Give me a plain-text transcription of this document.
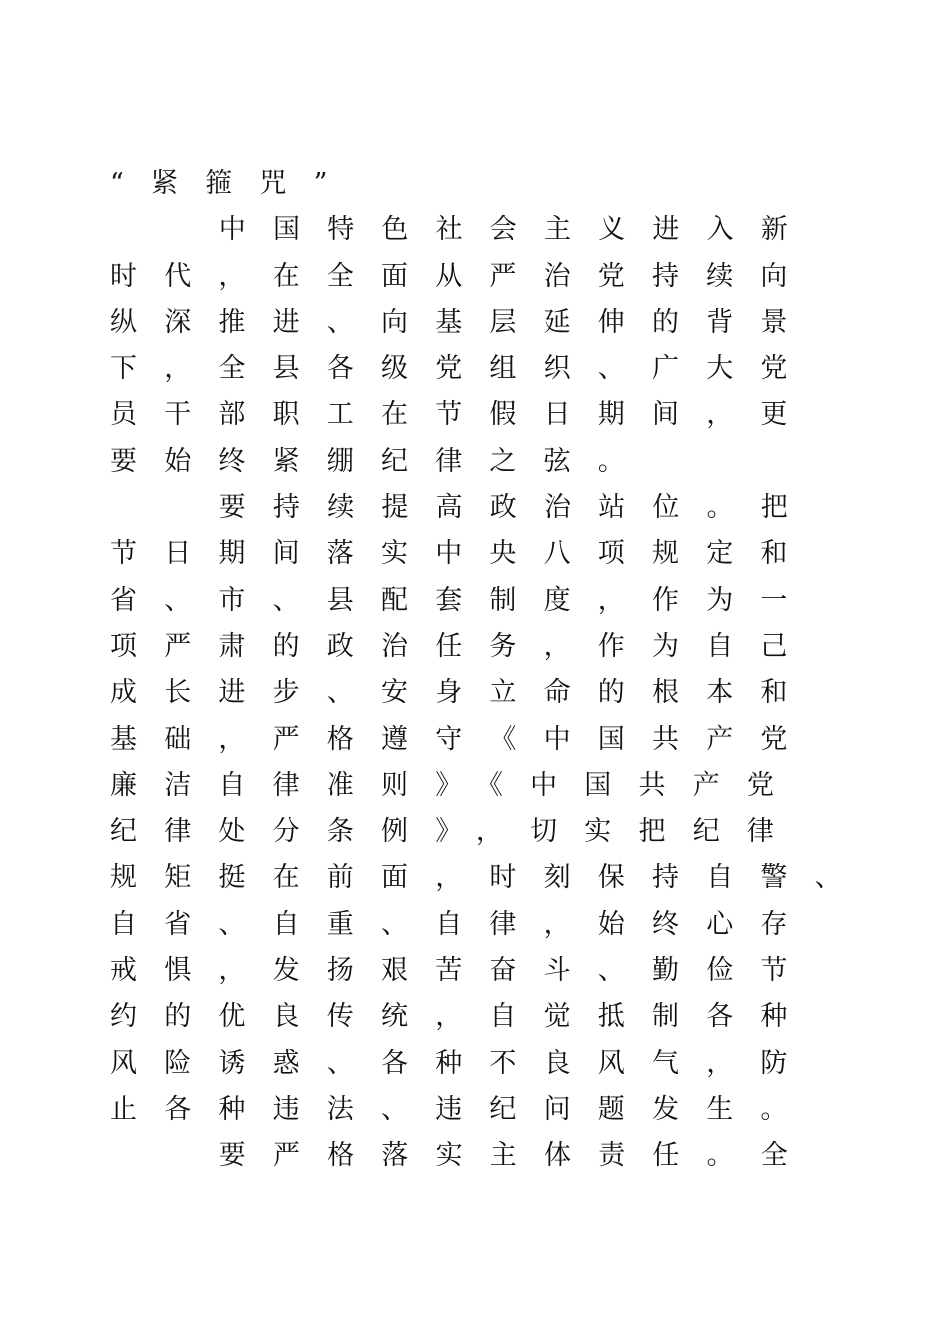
“紧箍咒”
中国特色社会主义进入新
时代，在全面从严治党持续向
纵深推进、向基层延伸的背景
下，全县各级党组织、广大党
员干部职工在节假日期间，更
要始终紧绷纪律之弦。
要持续提高政治站位。把
节日期间落实中央八项规定和
省、市、县配套制度，作为一
项严肃的政治任务，作为自己
成长进步、安身立命的根本和
基础，严格遵守《中国共产党
廉洁自律准则》《中国共产党
纪律处分条例》，切实把纪律
规矩挺在前面，时刻保持自警、
自省、自重、自律，始终心存
戒惧，发扬艰苦奋斗、勤俭节
约的优良传统，自觉抵制各种
风险诱惑、各种不良风气，防
止各种违法、违纪问题发生。
要严格落实主体责任。全
